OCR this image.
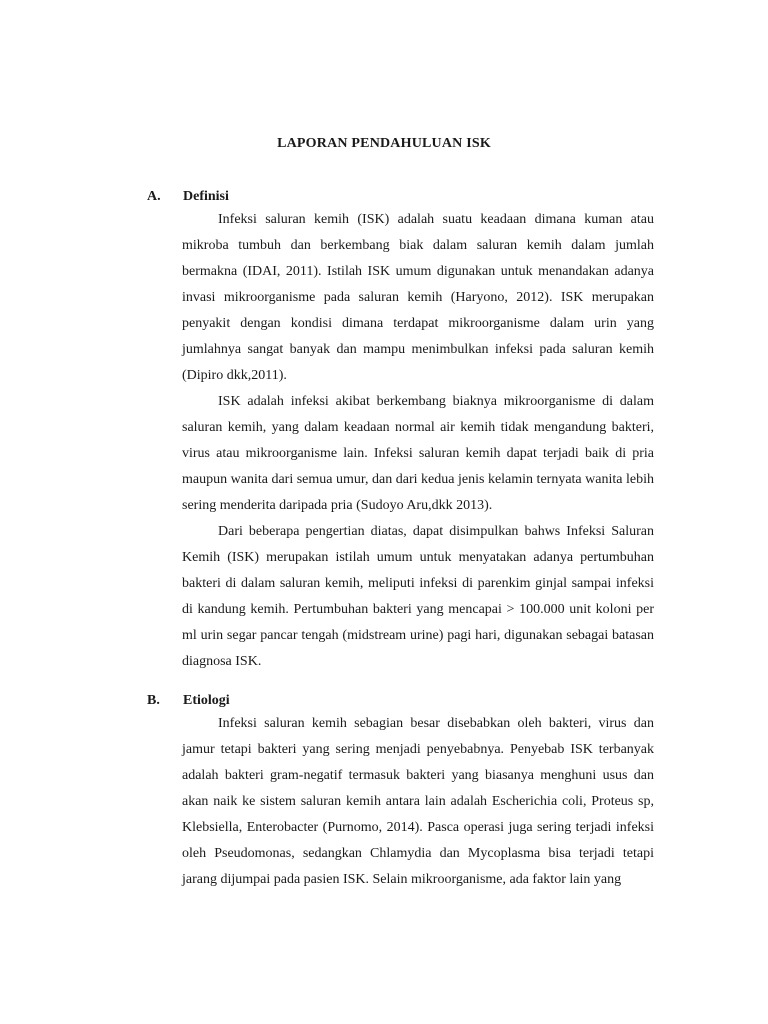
LAPORAN PENDAHULUAN ISK
A. Definisi

Infeksi saluran kemih (ISK) adalah suatu keadaan dimana kuman atau mikroba tumbuh dan berkembang biak dalam saluran kemih dalam jumlah bermakna (IDAI, 2011). Istilah ISK umum digunakan untuk menandakan adanya invasi mikroorganisme pada saluran kemih (Haryono, 2012). ISK merupakan penyakit dengan kondisi dimana terdapat mikroorganisme dalam urin yang jumlahnya sangat banyak dan mampu menimbulkan infeksi pada saluran kemih (Dipiro dkk,2011).

ISK adalah infeksi akibat berkembang biaknya mikroorganisme di dalam saluran kemih, yang dalam keadaan normal air kemih tidak mengandung bakteri, virus atau mikroorganisme lain. Infeksi saluran kemih dapat terjadi baik di pria maupun wanita dari semua umur, dan dari kedua jenis kelamin ternyata wanita lebih sering menderita daripada pria (Sudoyo Aru,dkk 2013).

Dari beberapa pengertian diatas, dapat disimpulkan bahws Infeksi Saluran Kemih (ISK) merupakan istilah umum untuk menyatakan adanya pertumbuhan bakteri di dalam saluran kemih, meliputi infeksi di parenkim ginjal sampai infeksi di kandung kemih. Pertumbuhan bakteri yang mencapai > 100.000 unit koloni per ml urin segar pancar tengah (midstream urine) pagi hari, digunakan sebagai batasan diagnosa ISK.

B. Etiologi

Infeksi saluran kemih sebagian besar disebabkan oleh bakteri, virus dan jamur tetapi bakteri yang sering menjadi penyebabnya. Penyebab ISK terbanyak adalah bakteri gram-negatif termasuk bakteri yang biasanya menghuni usus dan akan naik ke sistem saluran kemih antara lain adalah Escherichia coli, Proteus sp, Klebsiella, Enterobacter (Purnomo, 2014). Pasca operasi juga sering terjadi infeksi oleh Pseudomonas, sedangkan Chlamydia dan Mycoplasma bisa terjadi tetapi jarang dijumpai pada pasien ISK. Selain mikroorganisme, ada faktor lain yang
